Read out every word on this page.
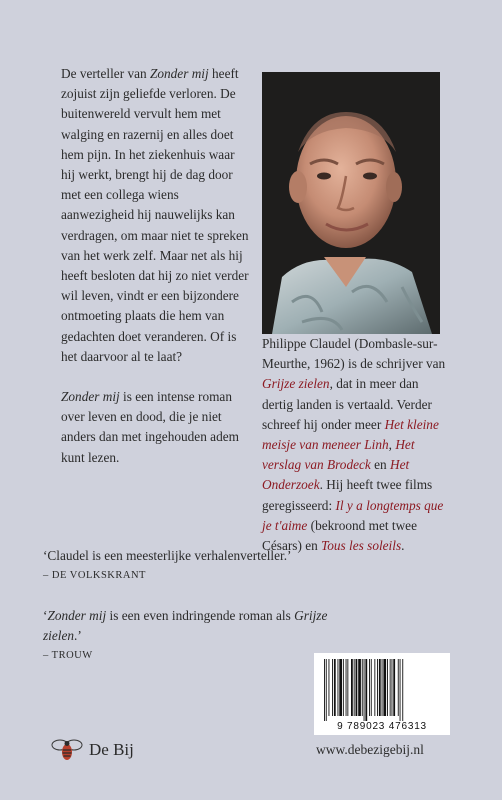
De verteller van Zonder mij heeft zojuist zijn geliefde verloren. De buitenwereld vervult hem met walging en razernij en alles doet hem pijn. In het ziekenhuis waar hij werkt, brengt hij de dag door met een collega wiens aanwezigheid hij nauwelijks kan verdragen, om maar niet te spreken van het werk zelf. Maar net als hij heeft besloten dat hij zo niet verder wil leven, vindt er een bijzondere ontmoeting plaats die hem van gedachten doet veranderen. Of is het daarvoor al te laat?

Zonder mij is een intense roman over leven en dood, die je niet anders dan met ingehouden adem kunt lezen.

Philippe Claudel (Dombasle-sur-Meurthe, 1962) is de schrijver van Grijze zielen, dat in meer dan dertig landen is vertaald. Verder schreef hij onder meer Het kleine meisje van meneer Linh, Het verslag van Brodeck en Het Onderzoek. Hij heeft twee films geregisseerd: Il y a longtemps que je t'aime (bekroond met twee Césars) en Tous les soleils.

‘Claudel is een meesterlijke verhalenverteller.’

– DE VOLKSKRANT

‘Zonder mij is een even indringende roman als Grijze zielen.’

– TROUW
9 789023 476313
De Bij	www.debezigebij.nl
